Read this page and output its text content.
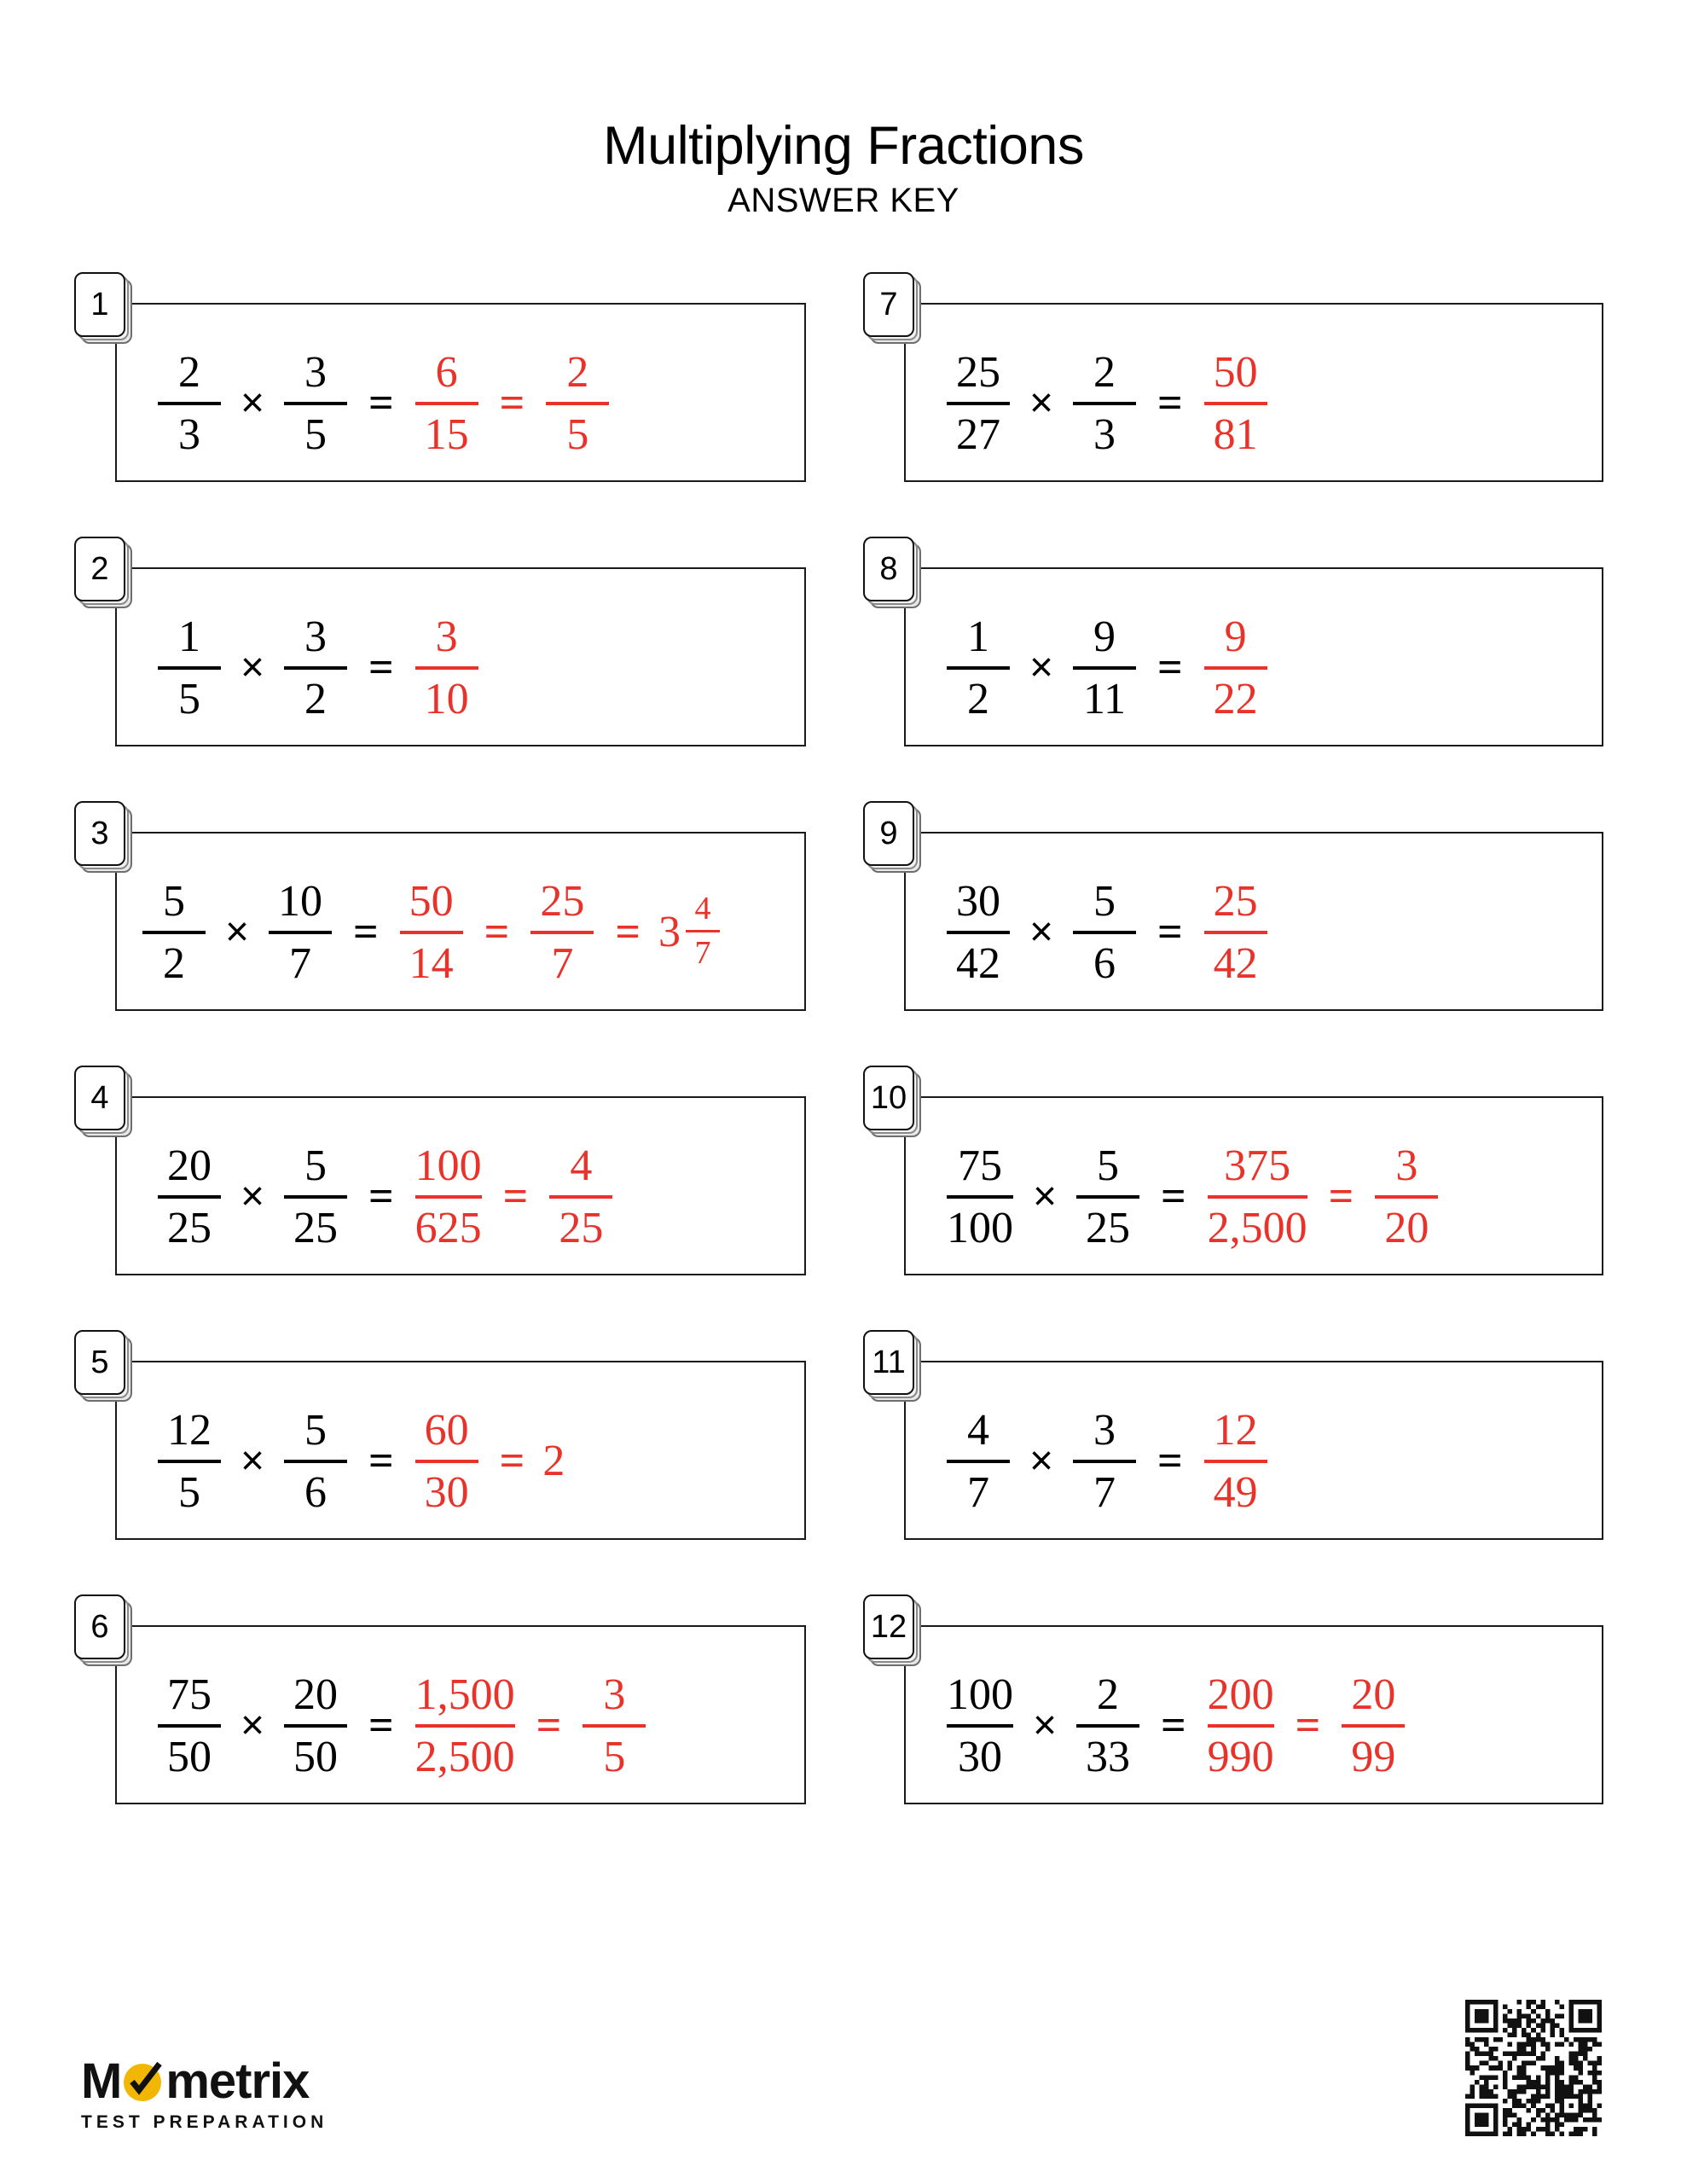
Multiplying Fractions
ANSWER KEY
1
$\frac{2}{3} \times \frac{3}{5} = \frac{6}{15} = \frac{2}{5}$
7
$\frac{25}{27} \times \frac{2}{3} = \frac{50}{81}$
2
$\frac{1}{5} \times \frac{3}{2} = \frac{3}{10}$
8
$\frac{1}{2} \times \frac{9}{11} = \frac{9}{22}$
3
$\frac{5}{2} \times \frac{10}{7} = \frac{50}{14} = \frac{25}{7} = 3 \frac{4}{7}$
9
$\frac{30}{42} \times \frac{5}{6} = \frac{25}{42}$
4
$\frac{20}{25} \times \frac{5}{25} = \frac{100}{625} = \frac{4}{25}$
10
$\frac{75}{100} \times \frac{5}{25} = \frac{375}{2,500} = \frac{3}{20}$
5
$\frac{12}{5} \times \frac{5}{6} = \frac{60}{30} = 2$
11
$\frac{4}{7} \times \frac{3}{7} = \frac{12}{49}$
6
$\frac{75}{50} \times \frac{20}{50} = \frac{1,500}{2,500} = \frac{3}{5}$
12
$\frac{100}{30} \times \frac{2}{33} = \frac{200}{990} = \frac{20}{99}$
M metrix
TEST PREPARATION
